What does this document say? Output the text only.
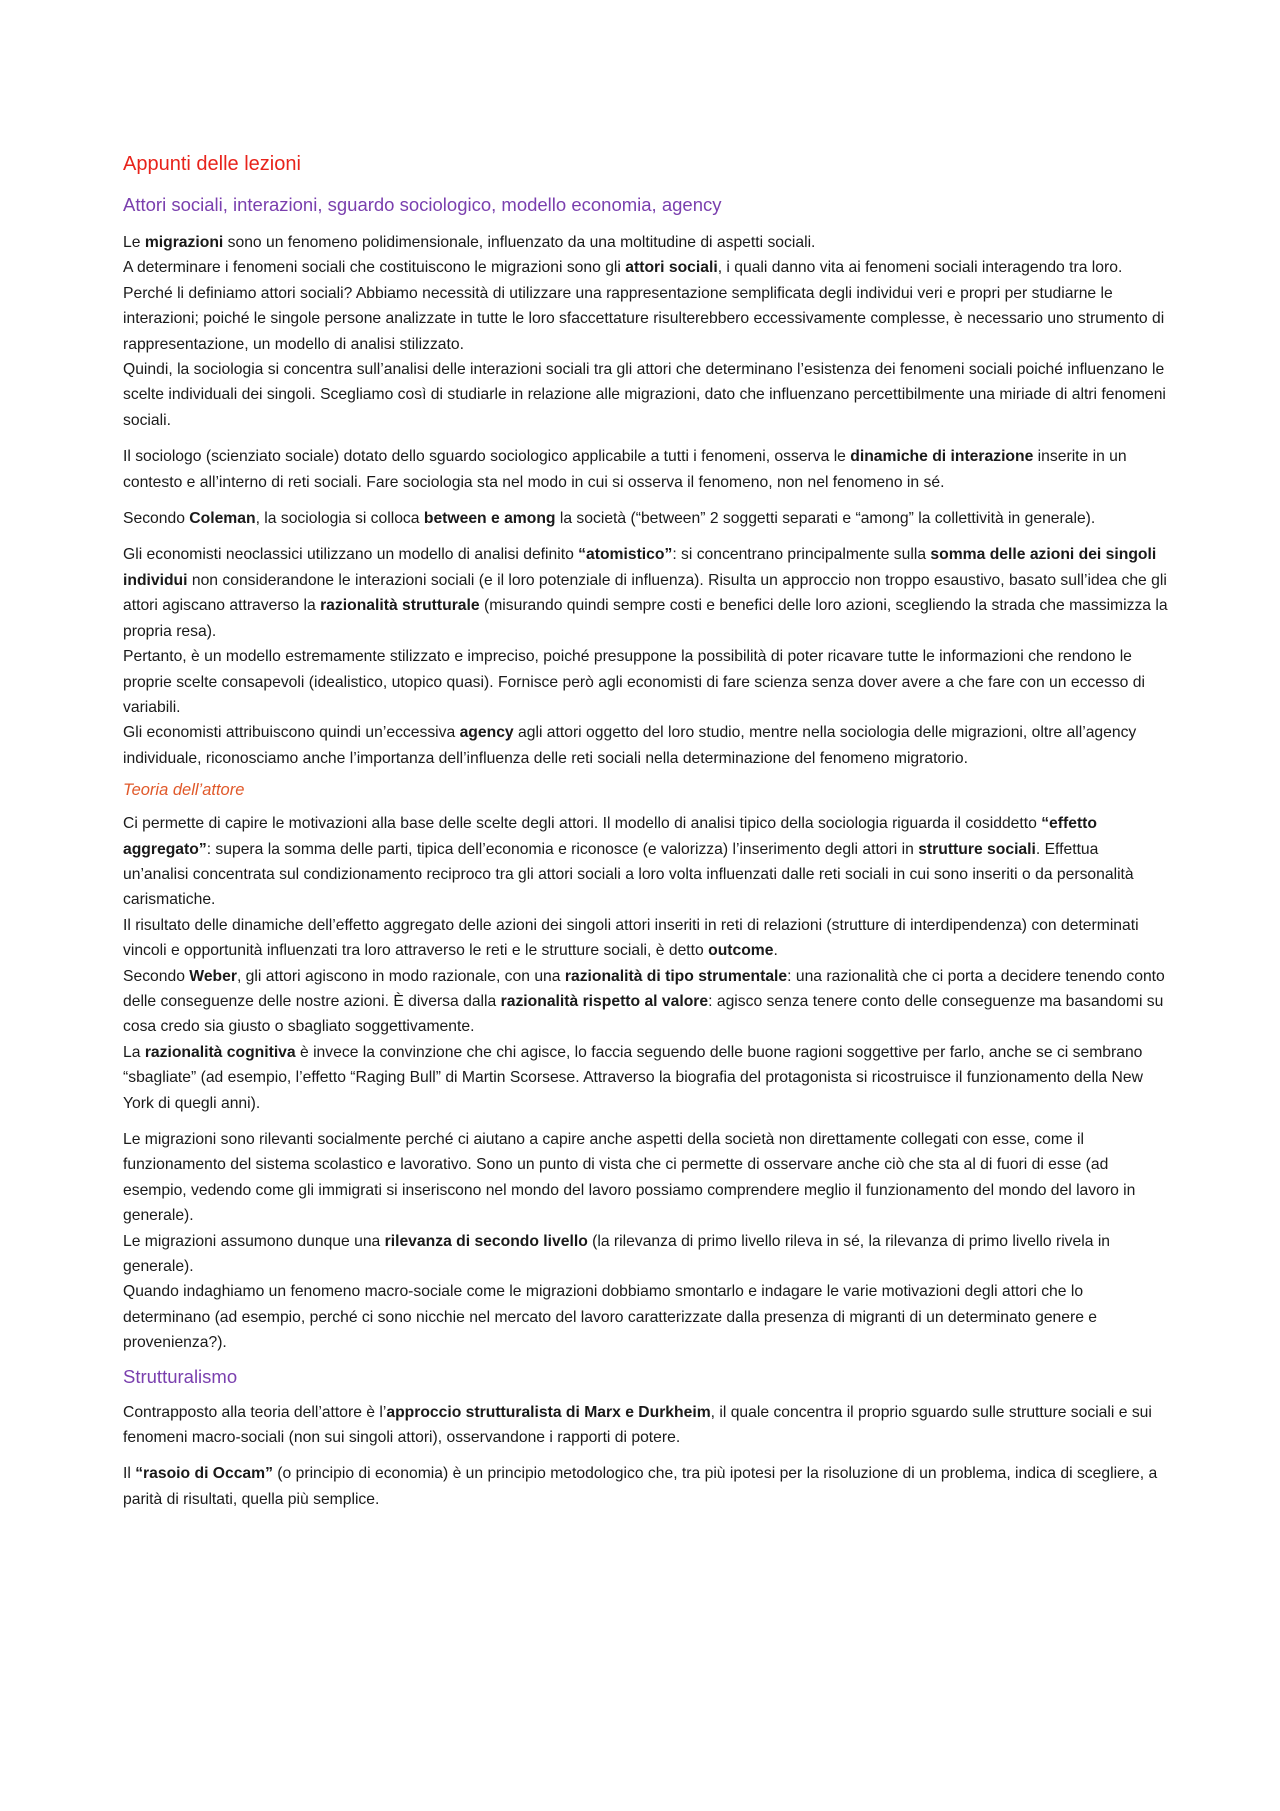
Appunti delle lezioni
Attori sociali, interazioni, sguardo sociologico, modello economia, agency

Le migrazioni sono un fenomeno polidimensionale, influenzato da una moltitudine di aspetti sociali.

A determinare i fenomeni sociali che costituiscono le migrazioni sono gli attori sociali, i quali danno vita ai fenomeni sociali interagendo tra loro.

Perché li definiamo attori sociali? Abbiamo necessità di utilizzare una rappresentazione semplificata degli individui veri e propri per studiarne le interazioni; poiché le singole persone analizzate in tutte le loro sfaccettature risulterebbero eccessivamente complesse, è necessario uno strumento di rappresentazione, un modello di analisi stilizzato.

Quindi, la sociologia si concentra sull’analisi delle interazioni sociali tra gli attori che determinano l’esistenza dei fenomeni sociali poiché influenzano le scelte individuali dei singoli. Scegliamo così di studiarle in relazione alle migrazioni, dato che influenzano percettibilmente una miriade di altri fenomeni sociali.

Il sociologo (scienziato sociale) dotato dello sguardo sociologico applicabile a tutti i fenomeni, osserva le dinamiche di interazione inserite in un contesto e all’interno di reti sociali. Fare sociologia sta nel modo in cui si osserva il fenomeno, non nel fenomeno in sé.

Secondo Coleman, la sociologia si colloca between e among la società (“between” 2 soggetti separati e “among” la collettività in generale).

Gli economisti neoclassici utilizzano un modello di analisi definito “atomistico”: si concentrano principalmente sulla somma delle azioni dei singoli individui non considerandone le interazioni sociali (e il loro potenziale di influenza). Risulta un approccio non troppo esaustivo, basato sull’idea che gli attori agiscano attraverso la razionalità strutturale (misurando quindi sempre costi e benefici delle loro azioni, scegliendo la strada che massimizza la propria resa).

Pertanto, è un modello estremamente stilizzato e impreciso, poiché presuppone la possibilità di poter ricavare tutte le informazioni che rendono le proprie scelte consapevoli (idealistico, utopico quasi). Fornisce però agli economisti di fare scienza senza dover avere a che fare con un eccesso di variabili.

Gli economisti attribuiscono quindi un’eccessiva agency agli attori oggetto del loro studio, mentre nella sociologia delle migrazioni, oltre all’agency individuale, riconosciamo anche l’importanza dell’influenza delle reti sociali nella determinazione del fenomeno migratorio.

Teoria dell’attore

Ci permette di capire le motivazioni alla base delle scelte degli attori. Il modello di analisi tipico della sociologia riguarda il cosiddetto “effetto aggregato”: supera la somma delle parti, tipica dell’economia e riconosce (e valorizza) l’inserimento degli attori in strutture sociali. Effettua un’analisi concentrata sul condizionamento reciproco tra gli attori sociali a loro volta influenzati dalle reti sociali in cui sono inseriti o da personalità carismatiche.

Il risultato delle dinamiche dell’effetto aggregato delle azioni dei singoli attori inseriti in reti di relazioni (strutture di interdipendenza) con determinati vincoli e opportunità influenzati tra loro attraverso le reti e le strutture sociali, è detto outcome.

Secondo Weber, gli attori agiscono in modo razionale, con una razionalità di tipo strumentale: una razionalità che ci porta a decidere tenendo conto delle conseguenze delle nostre azioni. È diversa dalla razionalità rispetto al valore: agisco senza tenere conto delle conseguenze ma basandomi su cosa credo sia giusto o sbagliato soggettivamente.

La razionalità cognitiva è invece la convinzione che chi agisce, lo faccia seguendo delle buone ragioni soggettive per farlo, anche se ci sembrano “sbagliate” (ad esempio, l’effetto “Raging Bull” di Martin Scorsese. Attraverso la biografia del protagonista si ricostruisce il funzionamento della New York di quegli anni).

Le migrazioni sono rilevanti socialmente perché ci aiutano a capire anche aspetti della società non direttamente collegati con esse, come il funzionamento del sistema scolastico e lavorativo. Sono un punto di vista che ci permette di osservare anche ciò che sta al di fuori di esse (ad esempio, vedendo come gli immigrati si inseriscono nel mondo del lavoro possiamo comprendere meglio il funzionamento del mondo del lavoro in generale).

Le migrazioni assumono dunque una rilevanza di secondo livello (la rilevanza di primo livello rileva in sé, la rilevanza di primo livello rivela in generale).

Quando indaghiamo un fenomeno macro-sociale come le migrazioni dobbiamo smontarlo e indagare le varie motivazioni degli attori che lo determinano (ad esempio, perché ci sono nicchie nel mercato del lavoro caratterizzate dalla presenza di migranti di un determinato genere e provenienza?).

Strutturalismo

Contrapposto alla teoria dell’attore è l’approccio strutturalista di Marx e Durkheim, il quale concentra il proprio sguardo sulle strutture sociali e sui fenomeni macro-sociali (non sui singoli attori), osservandone i rapporti di potere.

Il “rasoio di Occam” (o principio di economia) è un principio metodologico che, tra più ipotesi per la risoluzione di un problema, indica di scegliere, a parità di risultati, quella più semplice.
